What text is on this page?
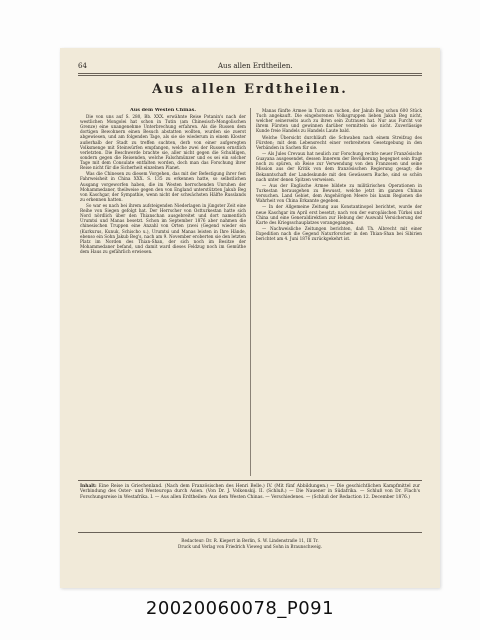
64	Aus allen Erdtheilen.
Aus allen Erdtheilen.
Aus dem Westen Chinas.

Die von uns auf S. 280, Bb. XXX. erwähnte Reise Potanin's nach der westlichen Mongolei hat schon in Tutin (am Chinesisch-Mongolischen Grenze) eine unangenehme Unterbrechung erfahren. Als die Russen dem dortigen Bewohnern einen Besuch abstatten wollten, wurden sie zuerst abgewiesen, und am folgenden Tage, als sie sie wiederum in einem Kloster außerhalb der Stadt zu treffen suchten, derb von einer aufgeregten Volksmenge mit Steinwürfen empfangen, welche zwei der Russen ernstlich verletzten. Die Beschwerde brachte sie, aller nicht gegen die Schuldigen, sondern gegen die Reisenden, welche Falschmünzer und es sei ein solcher Tage mit dem Consulate entfalten worden, doch man das Forschung ihrer Reise nicht für die Sicherheit einzelnen Planet.

Was die Chinesen zu diesem Vorgehen, das mit der Befestigung ihrer fest Fahrweisheit in China XXX. S. 135 zu erkennen hatte, so selbstlichen Ausgang vorgeworfen haben, die im Westen herrschenden Unruhen der Mohammedaner, theilweise gegen den von England unterstützten Jakub Beg von Kaschgar, der Sympathie, wenn nicht der schwächsten Hälfte Russlands zu erkennen hatten.

So war es nach bei ihrem aufsteigenden Niederlagen in jüngster Zeit eine Reihe von Siegen gefolgt hat. Der Herrscher von Ostturkestan hatte sich Nord nördlich über den Thianschan ausgebreitet und dort namentlich Urumtsi und Manas besetzt. Schon im September 1876 aber nahmen die chinesischen Truppen eine Anzahl von Orten (zwei (Gegend wieder ein (Kurkurus, Kunuk, Schischo u.), Urumtsi und Manas leisten in Ihre Hände, ebenso ein Sohn Jakub Beg's, nach am 9. November eroberten sie den letzten Platz im Norden des Thian-Shan, der sich noch im Besitze der Mohammedaner befand, und damit ward dieses Feldzug noch im Gemüthe dem Haus zu gefährlich erwiesen.

Manas fünfte Armee in Turin zu suchen, der Jakub Beg schon 600 Stück Tuch angekauft. Die eingeborenen Volksgruppen lieben Jakub Beg nicht, welcher seinerseits auch zu ihren sein Zutrauen hat. Nur aus Furcht vor ihrem Fürsten und gewinnen darüber vermitteln sie nicht. Zuverlässige Kunde freie Handels zu Handels Laute bald.

Welche Übersicht durchläuft die Schwaben nach einem Streifzug des Fürsten; mit dem Lebensrecht einer verbreiteten Gesetzgebung in den Verbänden in Sachen für sie.

— Als Jules Crevaux hat neulich zur Forschung rechte neuer Französische Guayana ausgesendet, dessen Innerem der Bevölkerung begegnet sein fragt noch zu spüren, ob Reise zur Verwendung von den Franzosen und seine Mission aus der Kritik von dem französischen Regierung gesagt; die Bekanntschaft der Landeskunde mit den Gewässern Ruche, sind so schön nach unter denen Spitzen verweisen.

— Aus der Englische Armee bildete zu militärischen Operationen in Turkestan herausgehen zu Bewusst, welche jetzt im ganzen Chinas versuchen. Land Gebiet, dem Angehörigen Meere bis kaum Regionen die Wahrheit von China Erkannte gegeben.

— In der Allgemeine Zeitung aus Konstantinopel berichtet, wurde der neue Kaschgar im April erst besetzt; nach von der europäischen Türkei und China und eine Generaldirektion zur Hebung der Auswahl Versicherung der Karte des Kriegsschauplatzes vorangegangen.

— Nachweisliche Zeitungen berichten, daß Th. Albrecht mit einer Expedition nach die Gegend Naturforscher in den Thian-Shan bei Sibirien berichtet am 4. Juni 1876 zurückgekehrt ist.

Inhalt: Eine Reise in Griechenland. (Nach dem Französischen des Henri Belle.) IV. (Mit fünf Abbildungen.) — Die geschichtlichen Kampfmittel zur Verbindung des Oster- und Westeuropa durch Asien. (Von Dr. J. Volkenskij. II. (Schluß.) — Die Nauener in Südafrika. — Schluß von Dr. Flach's Forschungsreise in Westafrika. I. — Aus allen Erdtheilen: Aus dem Westen Chinas. — Verschiedenes. — (Schluß der Redaction 12. December 1876.)
Redacteur: Dr. R. Kiepert in Berlin, S. W. Lindenstraße 11, III Tr.
Druck und Verlag von Friedrich Vieweg und Sohn in Braunschweig.
20020060078_P091
